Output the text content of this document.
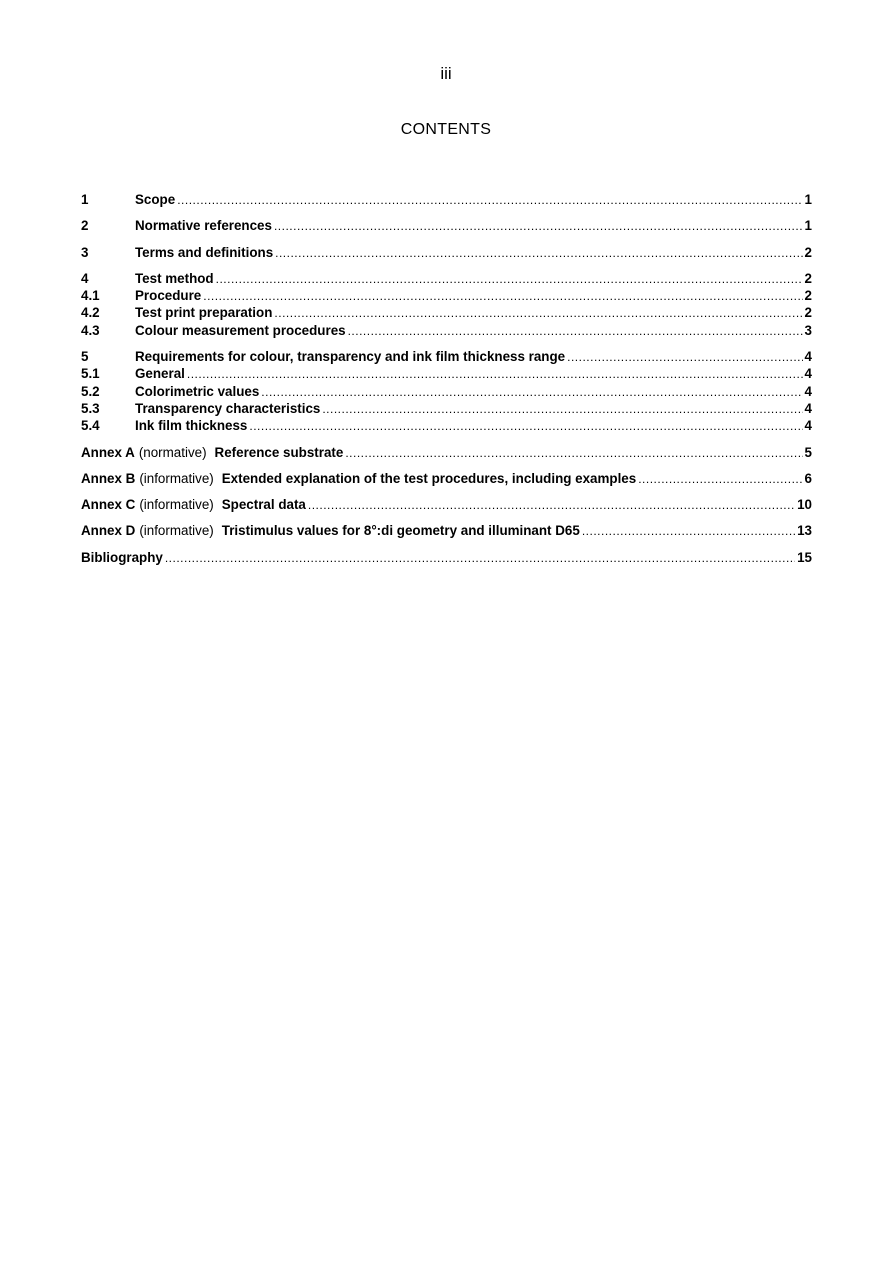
iii
CONTENTS
1	Scope .....	1
2	Normative references .....	1
3	Terms and definitions .....	2
4	Test method .....	2
4.1	Procedure .....	2
4.2	Test print preparation .....	2
4.3	Colour measurement procedures .....	3
5	Requirements for colour, transparency and ink film thickness range .....	4
5.1	General .....	4
5.2	Colorimetric values .....	4
5.3	Transparency characteristics .....	4
5.4	Ink film thickness .....	4
Annex A (normative) Reference substrate .....	5
Annex B (informative) Extended explanation of the test procedures, including examples .....	6
Annex C (informative) Spectral data .....	10
Annex D (informative) Tristimulus values for 8°:di geometry and illuminant D65 .....	13
Bibliography .....	15
